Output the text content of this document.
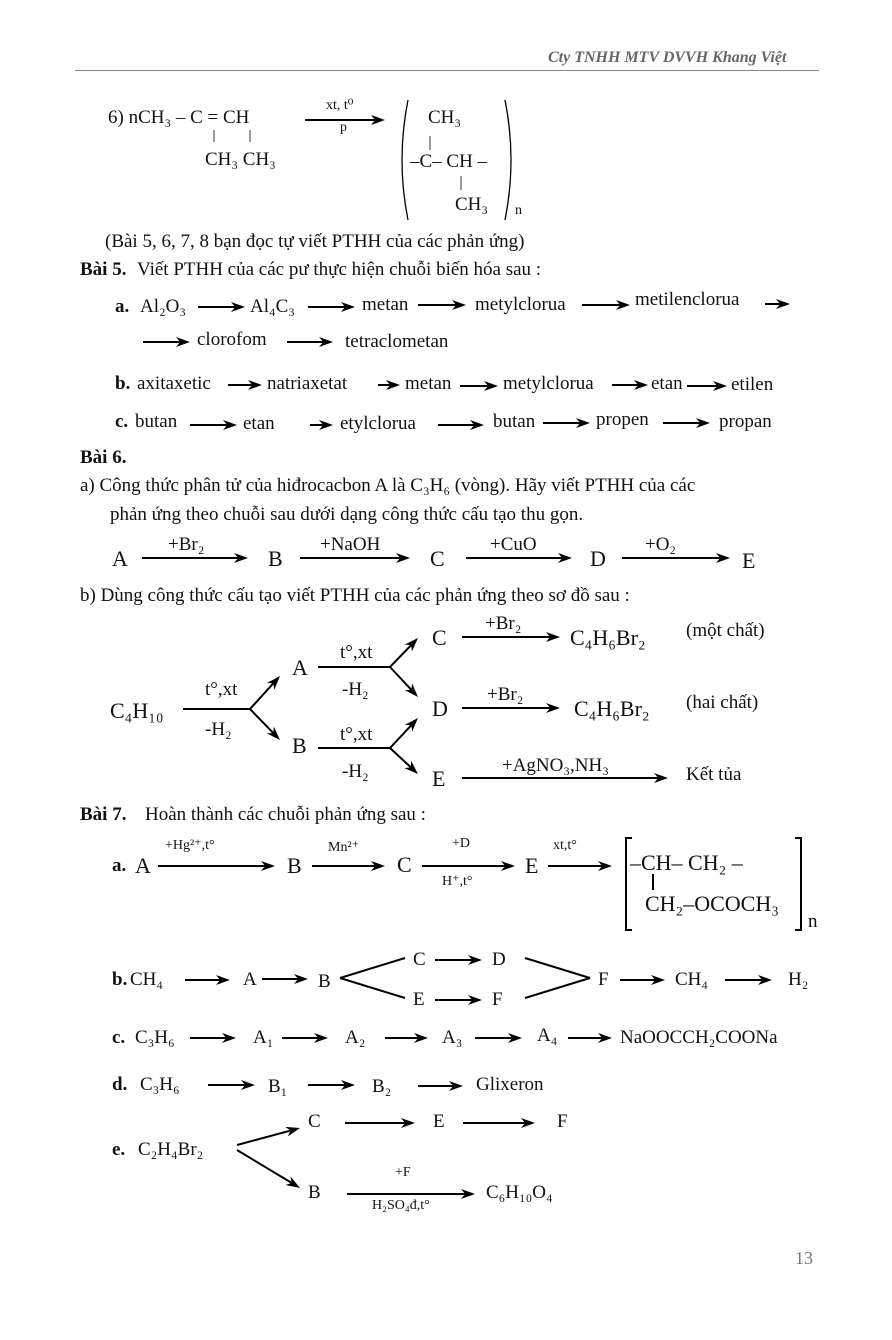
Cty TNHH MTV DVVH Khang Việt
6) nCH₃ – C = CH
CH₃ CH₃
xt, t⁰
p	CH₃
–C– CH –
CH₃ n
(Bài 5, 6, 7, 8 bạn đọc tự viết PTHH của các phản ứng)
Bài 5. Viết PTHH của các pư thực hiện chuỗi biến hóa sau :
a. Al₂O₃	Al₄C₃	metan	metylclorua	metilenclorua
clorofom	tetraclometan
b. axitaxetic	natriaxetat	metan	metylclorua	etan	etilen
c. butan	etan	etylclorua	butan	propen	propan
Bài 6.
a) Công thức phân tử của hiđrocacbon A là C₃H₆ (vòng). Hãy viết PTHH của các
phản ứng theo chuỗi sau dưới dạng công thức cấu tạo thu gọn.
A	B	C	D	E
+Br₂	+NaOH	+CuO	+O₂
b) Dùng công thức cấu tạo viết PTHH của các phản ứng theo sơ đồ sau :
C₄H₁₀
t°,xt
-H₂
A
B
t°,xt
-H₂
t°,xt
-H₂
C
D
E
+Br₂
+Br₂
+AgNO₃,NH₃
C₄H₆Br₂
C₄H₆Br₂
(một chất)
(hai chất)
Kết tủa
Bài 7. Hoàn thành các chuỗi phản ứng sau :
a. A	B	C	E
+Hg²⁺,t°	Mn²⁺	+D
H⁺,t°
xt,t°
–CH– CH₂ –
CH₂–OCOCH₃
n
b. CH₄	A	B
C	D
E	F
F	CH₄	H₂
c. C₃H₆	A₁	A₂	A₃	A₄	NaOOCCH₂COONa
d. C₃H₆	B₁	B₂	Glixeron
e. C₂H₄Br₂
C	E	F
B	C₆H₁₀O₄
+F
H₂SO₄đ,t°
13
